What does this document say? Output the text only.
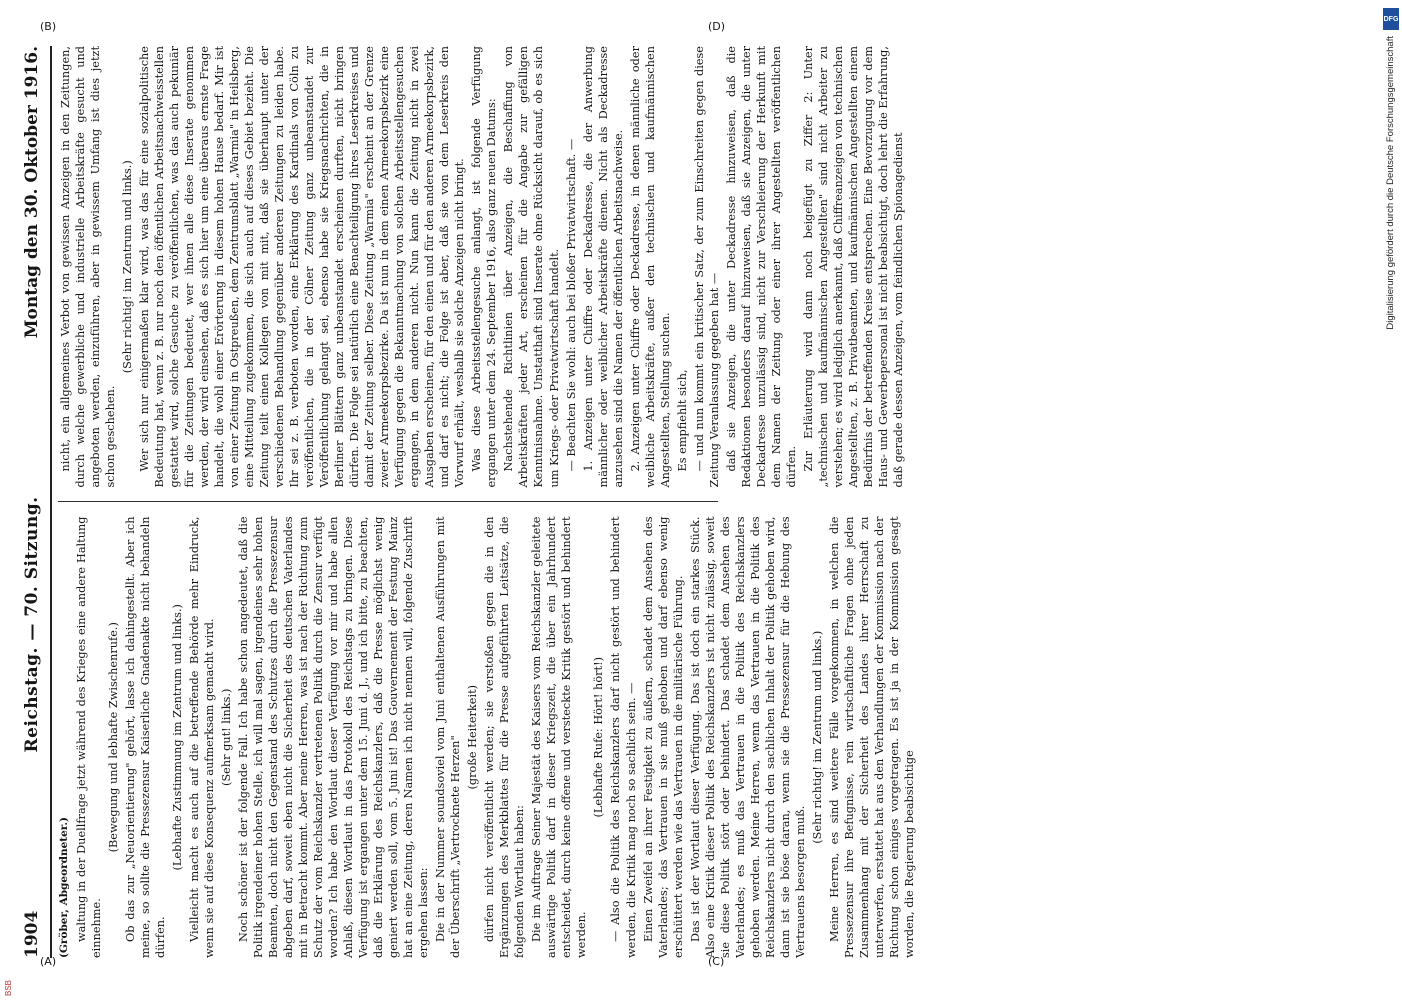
1904
Reichstag. — 70. Sitzung.
Montag den 30. Oktober 1916.

(Gröber, Abgeordneter.) waltung in der Duellfrage jetzt während des Krieges eine andere Haltung einnehme.

(Bewegung und lebhafte Zwischenrufe.) Ob das zur „Neuorientierung" gehört, lasse ich dahingestellt. Aber ich meine, so sollte die Pressezensur Kaiserliche Gnadenakte nicht behandeln dürfen.

(Lebhafte Zustimmung im Zentrum und links.) Vielleicht macht es auch auf die betreffende Behörde mehr Eindruck, wenn sie auf diese Konsequenz aufmerksam gemacht wird. (Sehr gut! links.) Noch schöner ist der folgende Fall. Ich habe schon angedeutet, daß die Politik irgendeiner hohen Stelle, ich will mal sagen, irgendeines sehr hohen Beamten, doch nicht den Gegenstand des Schutzes durch die Pressezensur abgeben darf, soweit eben nicht die Sicherheit des deutschen Vaterlandes mit in Betracht kommt. Aber meine Herren, was ist nach der Richtung zum Schutz der vom Reichskanzler vertretenen Politik durch die Zensur verfügt worden? Ich habe den Wortlaut dieser Verfügung vor mir und habe allen Anlaß, diesen Wortlaut in das Protokoll des Reichstags zu bringen. Diese Verfügung ist ergangen unter dem 15. Juni d. J., und ich bitte, zu beachten, daß die Erklärung des Reichskanzlers, daß die Presse möglichst wenig geniert werden soll, vom 5. Juni ist! Das Gouvernement der Festung Mainz hat an eine Zeitung, deren Namen ich nicht nennen will, folgende Zuschrift ergehen lassen: Die in der Nummer soundsoviel vom Juni enthaltenen Ausführungen mit der Überschrift „Vertrocknete Herzen" (große Heiterkeit) dürfen nicht veröffentlicht werden; sie verstoßen gegen die in den Ergänzungen des Merkblattes für die Presse aufgeführten Leitsätze, die folgenden Wortlaut haben: Die im Auftrage Seiner Majestät des Kaisers vom Reichskanzler geleitete auswärtige Politik darf in dieser Kriegszeit, die über ein Jahrhundert entscheidet, durch keine offene und versteckte Kritik gestört und behindert werden.

(Lebhafte Rufe: Hört! hört!) — Also die Politik des Reichskanzlers darf nicht gestört und behindert werden, die Kritik mag noch so sachlich sein. — Einen Zweifel an ihrer Festigkeit zu äußern, schadet dem Ansehen des Vaterlandes; das Vertrauen in sie muß gehoben und darf ebenso wenig erschüttert werden wie das Vertrauen in die militärische Führung. Das ist der Wortlaut dieser Verfügung. Das ist doch ein starkes Stück. Also eine Kritik dieser Politik des Reichskanzlers ist nicht zulässig, soweit sie diese Politik stört oder behindert. Das schadet dem Ansehen des Vaterlandes; es muß das Vertrauen in die Politik des Reichskanzlers gehoben werden. Meine Herren, wenn das Vertrauen in die Politik des Reichskanzlers nicht durch den sachlichen Inhalt der Politik gehoben wird, dann ist sie böse daran, wenn sie die Pressezensur für die Hebung des Vertrauens besorgen muß.

(Sehr richtig! im Zentrum und links.) Meine Herren, es sind weitere Fälle vorgekommen, in welchen die Pressezensur ihre Befugnisse, rein wirtschaftliche Fragen ohne jeden Zusammenhang mit der Sicherheit des Landes ihrer Herrschaft zu unterwerfen, erstattet hat aus den Verhandlungen der Kommission nach der Richtung schon einiges vorgetragen. Es ist ja in der Kommission gesagt worden, die Regierung beabsichtige

nicht, ein allgemeines Verbot von gewissen Anzeigen in den Zeitungen, durch welche gewerbliche und industrielle Arbeitskräfte gesucht und angeboten werden, einzuführen, aber in gewissem Umfang ist dies jetzt schon geschehen.

(Sehr richtig! im Zentrum und links.) Wer sich nur einigermaßen klar wird, was das für eine sozialpolitische Bedeutung hat, wenn z. B. nur noch den öffentlichen Arbeitsnachweisstellen gestattet wird, solche Gesuche zu veröffentlichen, was das auch pekuniär für die Zeitungen bedeutet, wer ihnen alle diese Inserate genommen werden, der wird einsehen, daß es sich hier um eine überaus ernste Frage handelt, die wohl einer Erörterung in diesem hohen Hause bedarf. Mir ist von einer Zeitung in Ostpreußen, dem Zentrumsblatt „Warmia" in Heilsberg, eine Mitteilung zugekommen, die sich auch auf dieses Gebiet bezieht. Die Zeitung teilt einen Kollegen von mit mit, daß sie überhaupt unter der verschiedenen Behandlung gegenüber anderen Zeitungen zu leiden habe. Ihr sei z. B. verboten worden, eine Erklärung des Kardinals von Cöln zu veröffentlichen, die in der Cölner Zeitung ganz unbeanstandet zur Veröffentlichung gelangt sei, ebenso habe sie Kriegsnachrichten, die in Berliner Blättern ganz unbeanstandet erscheinen durften, nicht bringen dürfen. Die Folge sei natürlich eine Benachteiligung ihres Leserkreises und damit der Zeitung selber. Diese Zeitung „Warmia" erscheint an der Grenze zweier Armeekorpsbezirke. Da ist nun in dem einen Armeekorpsbezirk eine Verfügung gegen die Bekanntmachung von solchen Arbeitsstellengesuchen ergangen, in dem anderen nicht. Nun kann die Zeitung nicht in zwei Ausgaben erscheinen, für den einen und für den anderen Armeekorpsbezirk, und darf es nicht; die Folge ist aber, daß sie von dem Leserkreis den Vorwurf erhält, weshalb sie solche Anzeigen nicht bringt. Was diese Arbeitsstellengesuche anlangt, ist folgende Verfügung ergangen unter dem 24. September 1916, also ganz neuen Datums: Nachstehende Richtlinien über Anzeigen, die Beschaffung von Arbeitskräften jeder Art, erscheinen für die Angabe zur gefälligen Kenntnisnahme. Unstatthaft sind Inserate ohne Rücksicht darauf, ob es sich um Kriegs- oder Privatwirtschaft handelt. — Beachten Sie wohl: auch bei bloßer Privatwirtschaft. — 1. Anzeigen unter Chiffre oder Deckadresse, die der Anwerbung männlicher oder weiblicher Arbeitskräfte dienen. Nicht als Deckadresse anzusehen sind die Namen der öffentlichen Arbeitsnachweise. 2. Anzeigen unter Chiffre oder Deckadresse, in denen männliche oder weibliche Arbeitskräfte, außer den technischen und kaufmännischen Angestellten, Stellung suchen. Es empfiehlt sich, — und nun kommt ein kritischer Satz, der zum Einschreiten gegen diese Zeitung Veranlassung gegeben hat — daß sie Anzeigen, die unter Deckadresse hinzuweisen, daß die Redaktionen besonders darauf hinzuweisen, daß sie Anzeigen, die unter Deckadresse unzulässig sind, nicht zur Verschleierung der Herkunft mit dem Namen der Zeitung oder einer ihrer Angestellten veröffentlichen dürfen. Zur Erläuterung wird dann noch beigefügt zu Ziffer 2: Unter „technischen und kaufmännischen Angestellten" sind nicht Arbeiter zu verstehen; es wird lediglich anerkannt, daß Chiffreanzeigen von technischen Angestellten, z. B. Privatbeamten, und kaufmännischen Angestellten einem Bedürfnis der betreffenden Kreise entsprechen. Eine Bevorzugung vor dem Haus- und Gewerbepersonal ist nicht beabsichtigt, doch lehrt die Erfahrung, daß gerade dessen Anzeigen, vom feindlichen Spionagedienst

(A)
(B)
(C)
(D)
DFG
Digitalisierung gefördert durch die Deutsche Forschungsgemeinschaft
BSB
